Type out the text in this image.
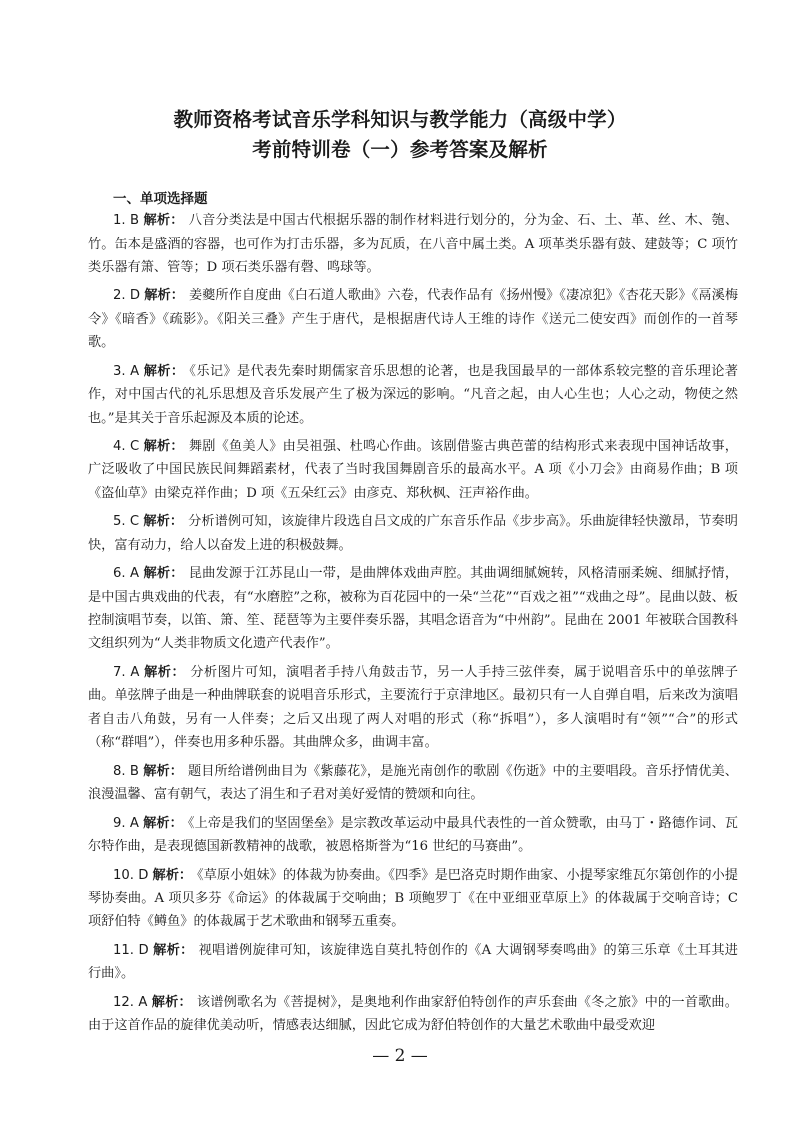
教师资格考试音乐学科知识与教学能力（高级中学）
考前特训卷（一）参考答案及解析
一、单项选择题
1. B 解析： 八音分类法是中国古代根据乐器的制作材料进行划分的，分为金、石、土、革、丝、木、匏、竹。缶本是盛酒的容器，也可作为打击乐器，多为瓦质，在八音中属土类。A 项革类乐器有鼓、建鼓等；C 项竹类乐器有箫、管等；D 项石类乐器有磬、鸣球等。
2. D 解析： 姜夔所作自度曲《白石道人歌曲》六卷，代表作品有《扬州慢》《凄凉犯》《杏花天影》《鬲溪梅令》《暗香》《疏影》。《阳关三叠》产生于唐代，是根据唐代诗人王维的诗作《送元二使安西》而创作的一首琴歌。
3. A 解析： 《乐记》是代表先秦时期儒家音乐思想的论著，也是我国最早的一部体系较完整的音乐理论著作，对中国古代的礼乐思想及音乐发展产生了极为深远的影响。“凡音之起，由人心生也；人心之动，物使之然也。”是其关于音乐起源及本质的论述。
4. C 解析： 舞剧《鱼美人》由吴祖强、杜鸣心作曲。该剧借鉴古典芭蕾的结构形式来表现中国神话故事，广泛吸收了中国民族民间舞蹈素材，代表了当时我国舞剧音乐的最高水平。A 项《小刀会》由商易作曲；B 项《盗仙草》由梁克祥作曲；D 项《五朵红云》由彦克、郑秋枫、汪声裕作曲。
5. C 解析： 分析谱例可知，该旋律片段选自吕文成的广东音乐作品《步步高》。乐曲旋律轻快激昂，节奏明快，富有动力，给人以奋发上进的积极鼓舞。
6. A 解析： 昆曲发源于江苏昆山一带，是曲牌体戏曲声腔。其曲调细腻婉转，风格清丽柔婉、细腻抒情，是中国古典戏曲的代表，有“水磨腔”之称，被称为百花园中的一朵“兰花”“百戏之祖”“戏曲之母”。昆曲以鼓、板控制演唱节奏，以笛、箫、笙、琵琶等为主要伴奏乐器，其唱念语音为“中州韵”。昆曲在 2001 年被联合国教科文组织列为“人类非物质文化遗产代表作”。
7. A 解析： 分析图片可知，演唱者手持八角鼓击节，另一人手持三弦伴奏，属于说唱音乐中的单弦牌子曲。单弦牌子曲是一种曲牌联套的说唱音乐形式，主要流行于京津地区。最初只有一人自弹自唱，后来改为演唱者自击八角鼓，另有一人伴奏；之后又出现了两人对唱的形式（称“拆唱”），多人演唱时有“领”“合”的形式（称“群唱”），伴奏也用多种乐器。其曲牌众多，曲调丰富。
8. B 解析： 题目所给谱例曲目为《紫藤花》，是施光南创作的歌剧《伤逝》中的主要唱段。音乐抒情优美、浪漫温馨、富有朝气，表达了涓生和子君对美好爱情的赞颂和向往。
9. A 解析： 《上帝是我们的坚固堡垒》是宗教改革运动中最具代表性的一首众赞歌，由马丁・路德作词、瓦尔特作曲，是表现德国新教精神的战歌，被恩格斯誉为“16 世纪的马赛曲”。
10. D 解析： 《草原小姐妹》的体裁为协奏曲。《四季》是巴洛克时期作曲家、小提琴家维瓦尔第创作的小提琴协奏曲。A 项贝多芬《命运》的体裁属于交响曲；B 项鲍罗丁《在中亚细亚草原上》的体裁属于交响音诗；C 项舒伯特《鳟鱼》的体裁属于艺术歌曲和钢琴五重奏。
11. D 解析： 视唱谱例旋律可知，该旋律选自莫扎特创作的《A 大调钢琴奏鸣曲》的第三乐章《土耳其进行曲》。
12. A 解析： 该谱例歌名为《菩提树》，是奥地利作曲家舒伯特创作的声乐套曲《冬之旅》中的一首歌曲。由于这首作品的旋律优美动听，情感表达细腻，因此它成为舒伯特创作的大量艺术歌曲中最受欢迎
— 2 —
